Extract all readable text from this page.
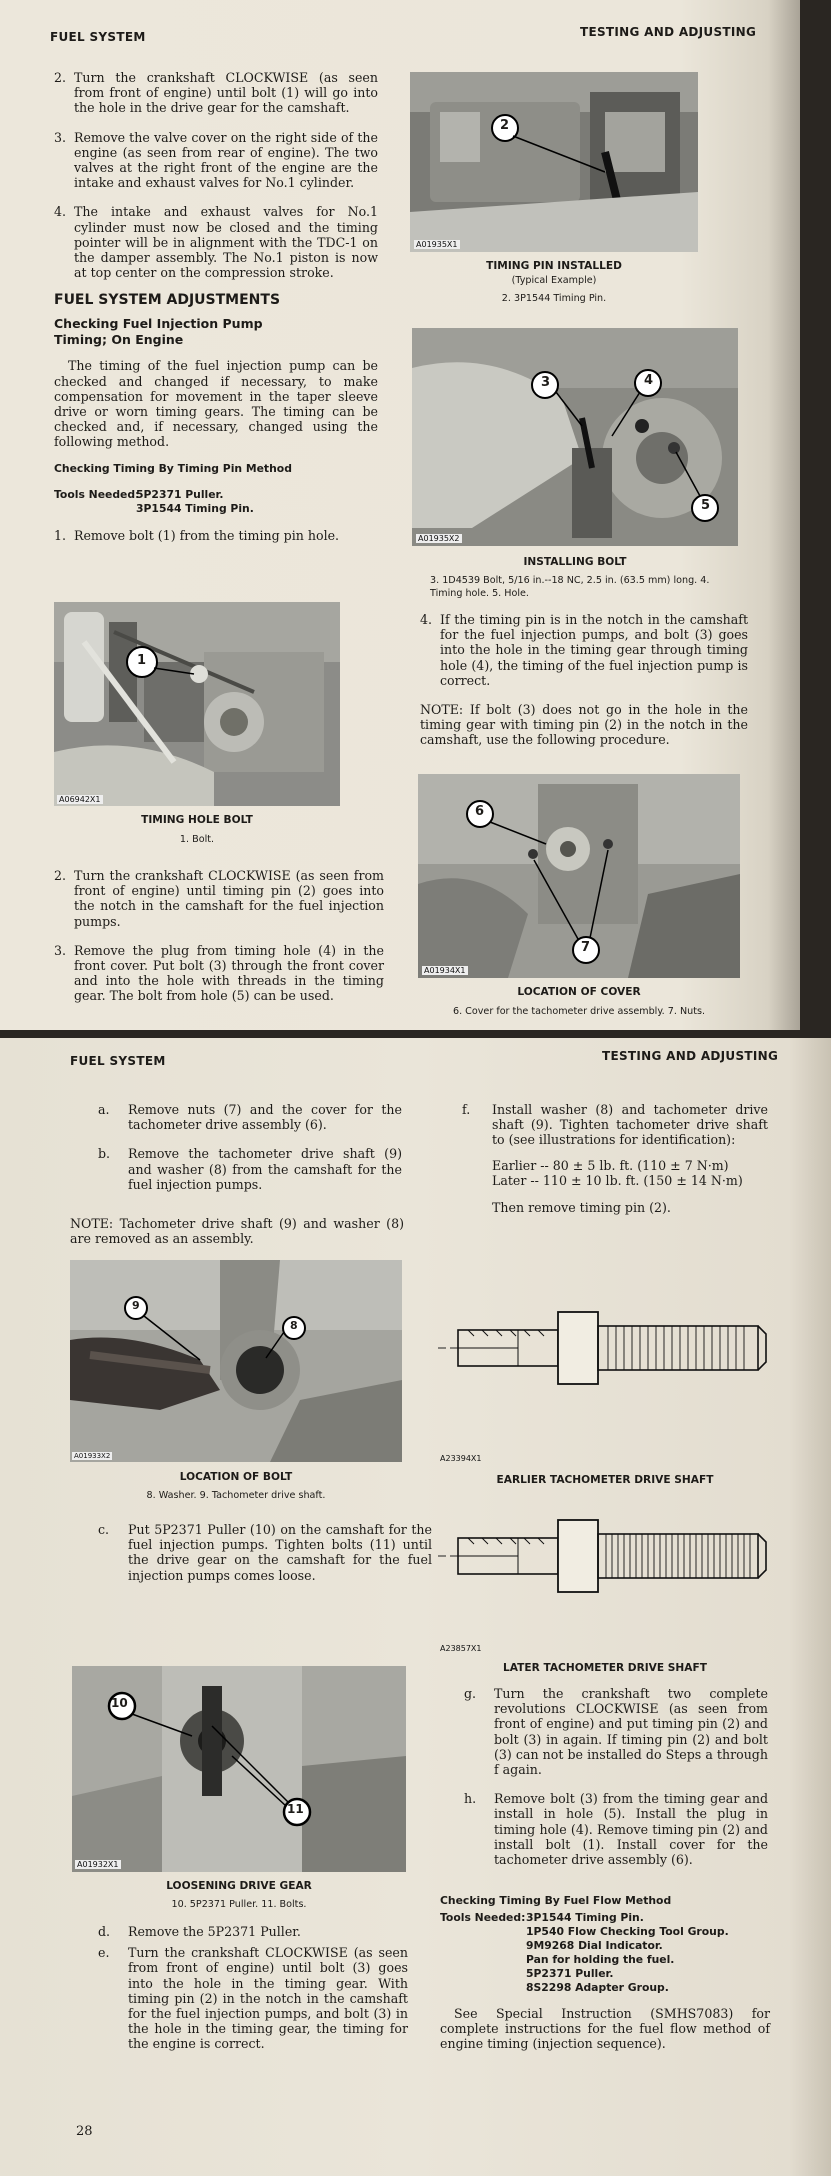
FUEL SYSTEM	TESTING AND ADJUSTING
2. Turn the crankshaft CLOCKWISE (as seen from front of engine) until bolt (1) will go into the hole in the drive gear for the camshaft.
3. Remove the valve cover on the right side of the engine (as seen from rear of engine). The two valves at the right front of the engine are the intake and exhaust valves for No.1 cylinder.
4. The intake and exhaust valves for No.1 cylinder must now be closed and the timing pointer will be in alignment with the TDC-1 on the damper assembly. The No.1 piston is now at top center on the compression stroke.
FUEL SYSTEM ADJUSTMENTS
Checking Fuel Injection Pump
Timing; On Engine
The timing of the fuel injection pump can be checked and changed if necessary, to make compensation for movement in the taper sleeve drive or worn timing gears. The timing can be checked and, if necessary, changed using the following method.
Checking Timing By Timing Pin Method
Tools Needed:
5P2371 Puller.
3P1544 Timing Pin.
1. Remove bolt (1) from the timing pin hole.
1
A06942X1
TIMING HOLE BOLT
1. Bolt.
2. Turn the crankshaft CLOCKWISE (as seen from front of engine) until timing pin (2) goes into the notch in the camshaft for the fuel injection pumps.
3. Remove the plug from timing hole (4) in the front cover. Put bolt (3) through the front cover and into the hole with threads in the timing gear. The bolt from hole (5) can be used.
2
A01935X1
TIMING PIN INSTALLED
(Typical Example)
2. 3P1544 Timing Pin.
3	4
5
A01935X2
INSTALLING BOLT
3. 1D4539 Bolt, 5/16 in.--18 NC, 2.5 in. (63.5 mm) long. 4. Timing hole. 5. Hole.
4. If the timing pin is in the notch in the camshaft for the fuel injection pumps, and bolt (3) goes into the hole in the timing gear through timing hole (4), the timing of the fuel injection pump is correct.
NOTE: If bolt (3) does not go in the hole in the timing gear with timing pin (2) in the notch in the camshaft, use the following procedure.
6
7
A01934X1
LOCATION OF COVER
6. Cover for the tachometer drive assembly. 7. Nuts.
FUEL SYSTEM	TESTING AND ADJUSTING
a. Remove nuts (7) and the cover for the tachometer drive assembly (6).
b. Remove the tachometer drive shaft (9) and washer (8) from the camshaft for the fuel injection pumps.
NOTE: Tachometer drive shaft (9) and washer (8) are removed as an assembly.
9
8
A01933X2
LOCATION OF BOLT
8. Washer. 9. Tachometer drive shaft.
c. Put 5P2371 Puller (10) on the camshaft for the fuel injection pumps. Tighten bolts (11) until the drive gear on the camshaft for the fuel injection pumps comes loose.
10
11
A01932X1
LOOSENING DRIVE GEAR
10. 5P2371 Puller. 11. Bolts.
d. Remove the 5P2371 Puller.
e. Turn the crankshaft CLOCKWISE (as seen from front of engine) until bolt (3) goes into the hole in the timing gear. With timing pin (2) in the notch in the camshaft for the fuel injection pumps, and bolt (3) in the hole in the timing gear, the timing for the engine is correct.
28
f. Install washer (8) and tachometer drive shaft (9). Tighten tachometer drive shaft to (see illustrations for identification):
Earlier -- 80 ± 5 lb. ft. (110 ± 7 N·m)
Later -- 110 ± 10 lb. ft. (150 ± 14 N·m)
Then remove timing pin (2).
A23394X1
EARLIER TACHOMETER DRIVE SHAFT
A23857X1
LATER TACHOMETER DRIVE SHAFT
g. Turn the crankshaft two complete revolutions CLOCKWISE (as seen from front of engine) and put timing pin (2) and bolt (3) in again. If timing pin (2) and bolt (3) can not be installed do Steps a through f again.
h. Remove bolt (3) from the timing gear and install in hole (5). Install the plug in timing hole (4). Remove timing pin (2) and install bolt (1). Install cover for the tachometer drive assembly (6).
Checking Timing By Fuel Flow Method
Tools Needed: 3P1544 Timing Pin.
1P540 Flow Checking Tool Group.
9M9268 Dial Indicator.
Pan for holding the fuel.
5P2371 Puller.
8S2298 Adapter Group.
See Special Instruction (SMHS7083) for complete instructions for the fuel flow method of engine timing (injection sequence).
